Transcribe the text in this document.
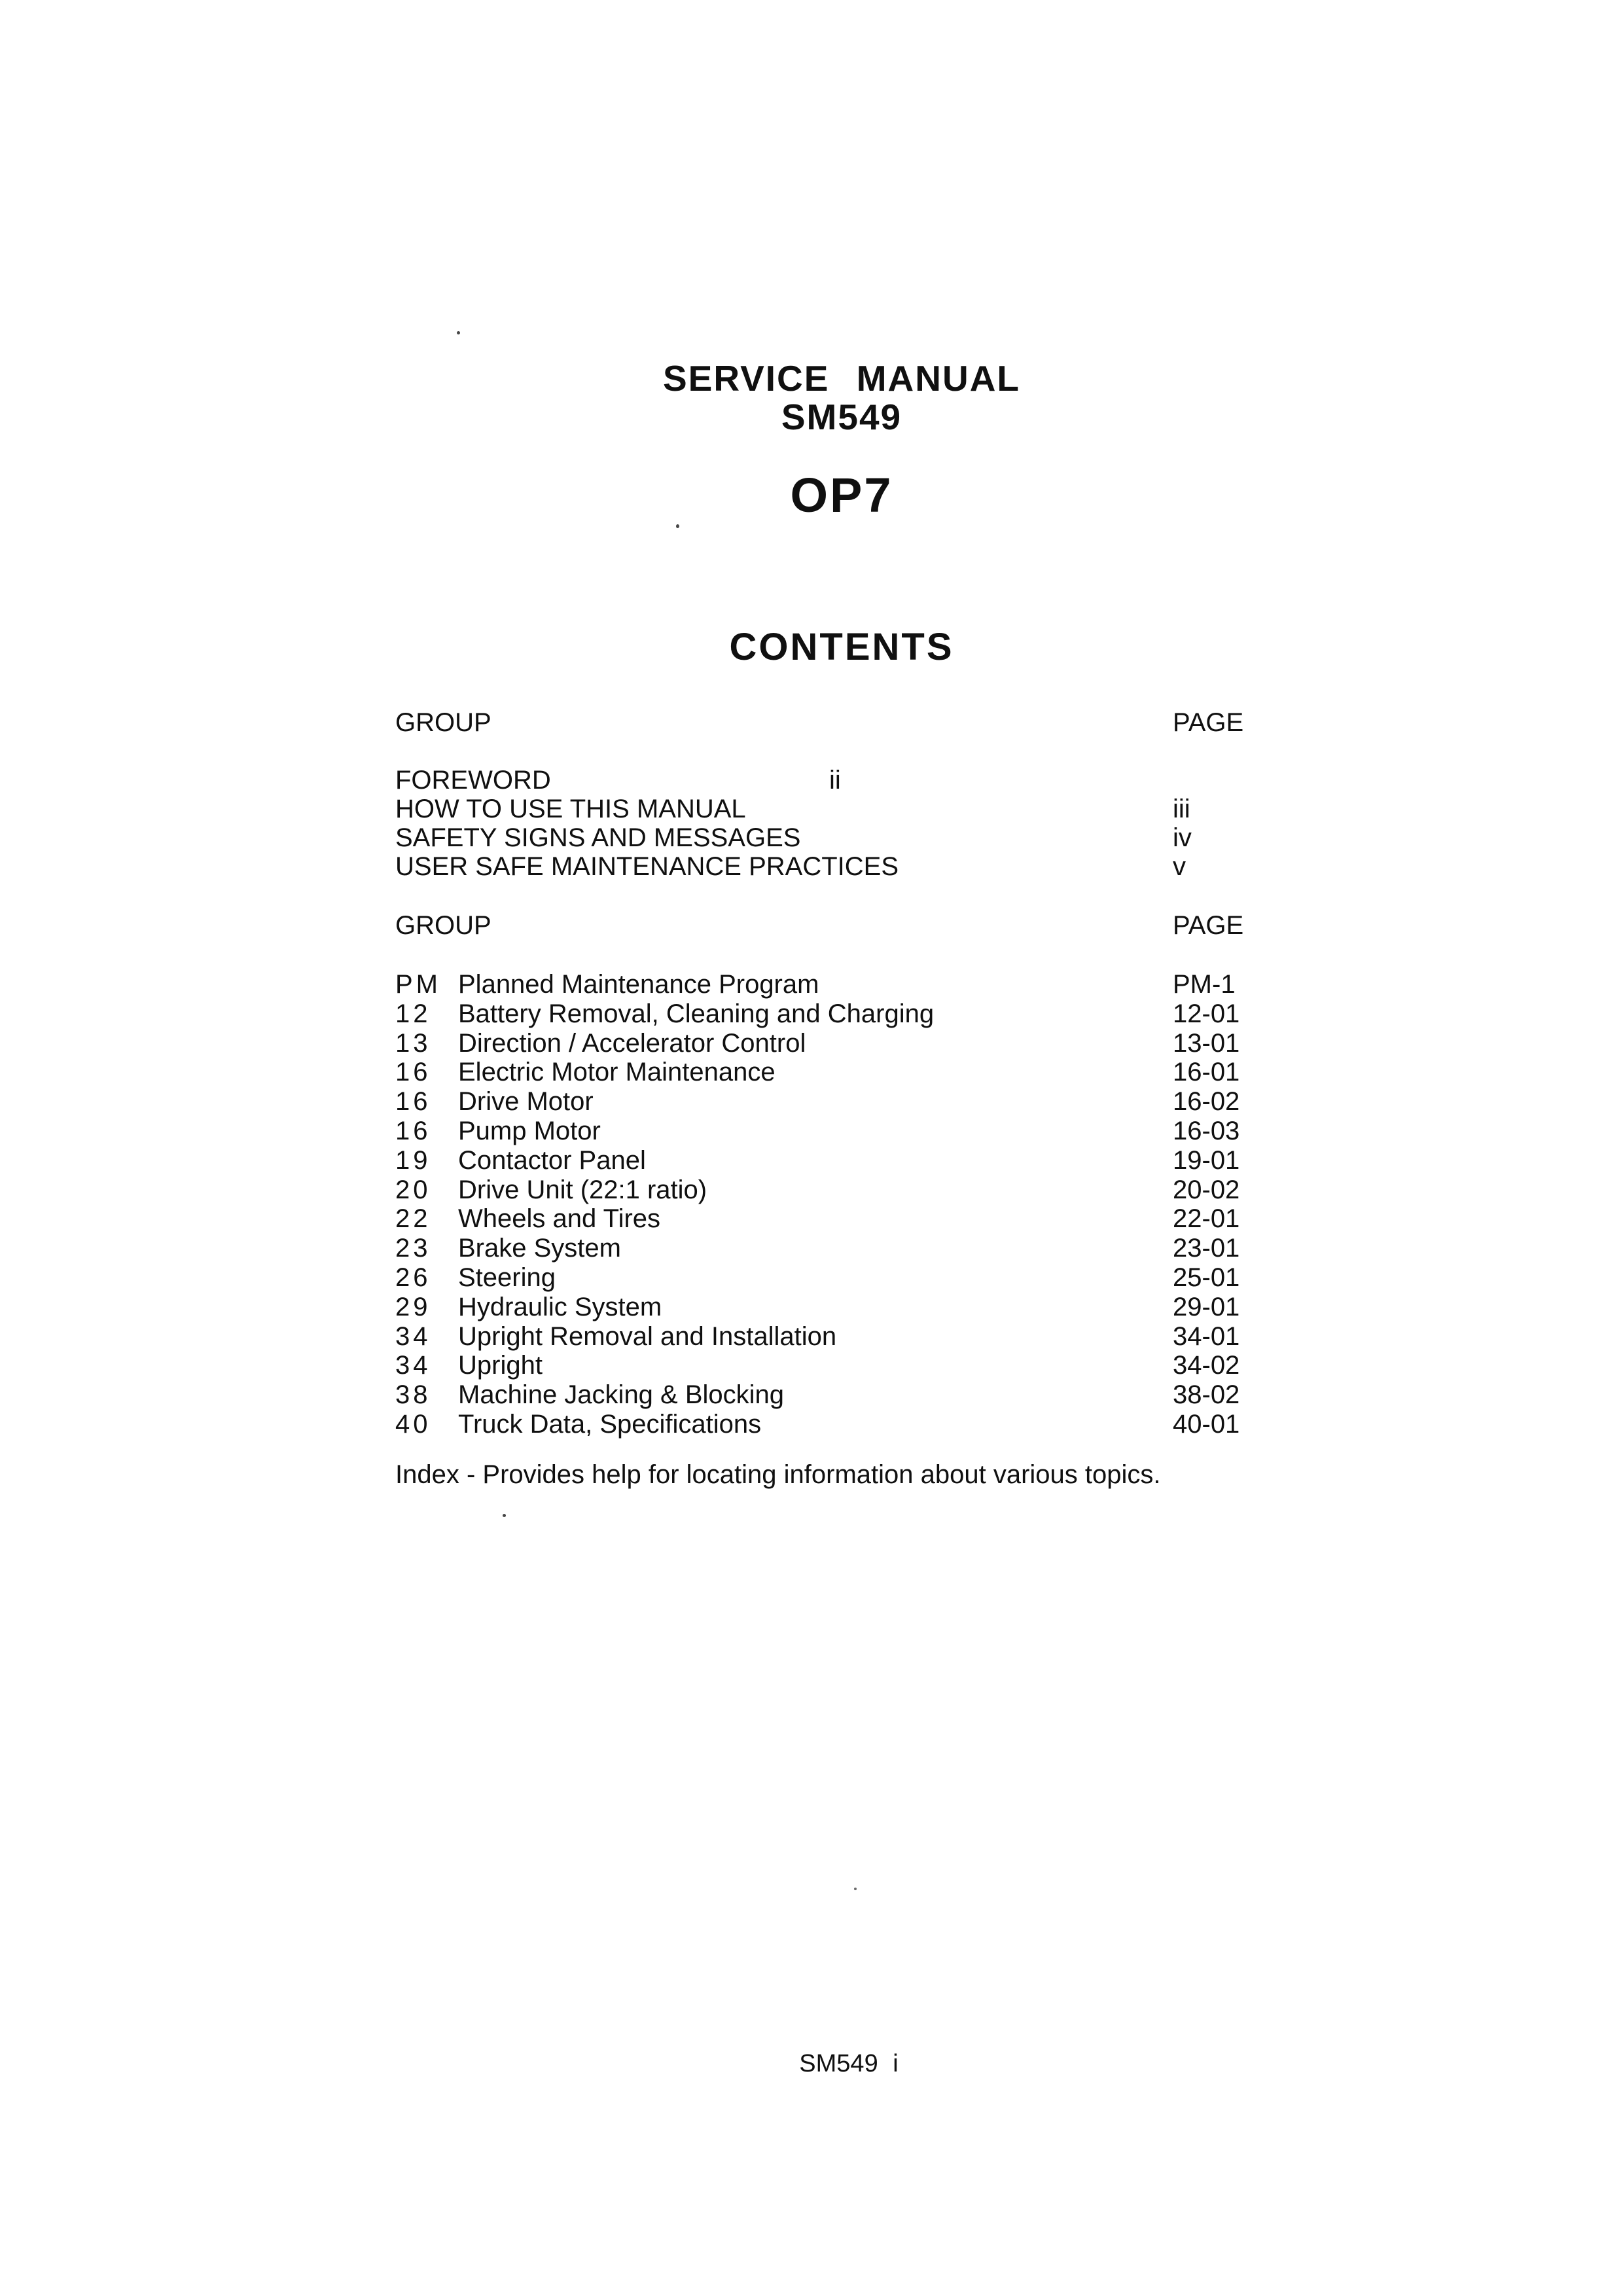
SERVICE MANUAL
SM549
OP7
CONTENTS
GROUP	PAGE
FOREWORD	ii
HOW TO USE THIS MANUAL	iii
SAFETY SIGNS AND MESSAGES	iv
USER SAFE MAINTENANCE PRACTICES	v
GROUP	PAGE
PM Planned Maintenance Program	PM-1
12 Battery Removal, Cleaning and Charging	12-01
13 Direction / Accelerator Control	13-01
16 Electric Motor Maintenance	16-01
16 Drive Motor	16-02
16 Pump Motor	16-03
19 Contactor Panel	19-01
20 Drive Unit (22:1 ratio)	20-02
22 Wheels and Tires	22-01
23 Brake System	23-01
26 Steering	25-01
29 Hydraulic System	29-01
34 Upright Removal and Installation	34-01
34 Upright	34-02
38 Machine Jacking & Blocking	38-02
40 Truck Data, Specifications	40-01

Index - Provides help for locating information about various topics.

SM549 i
